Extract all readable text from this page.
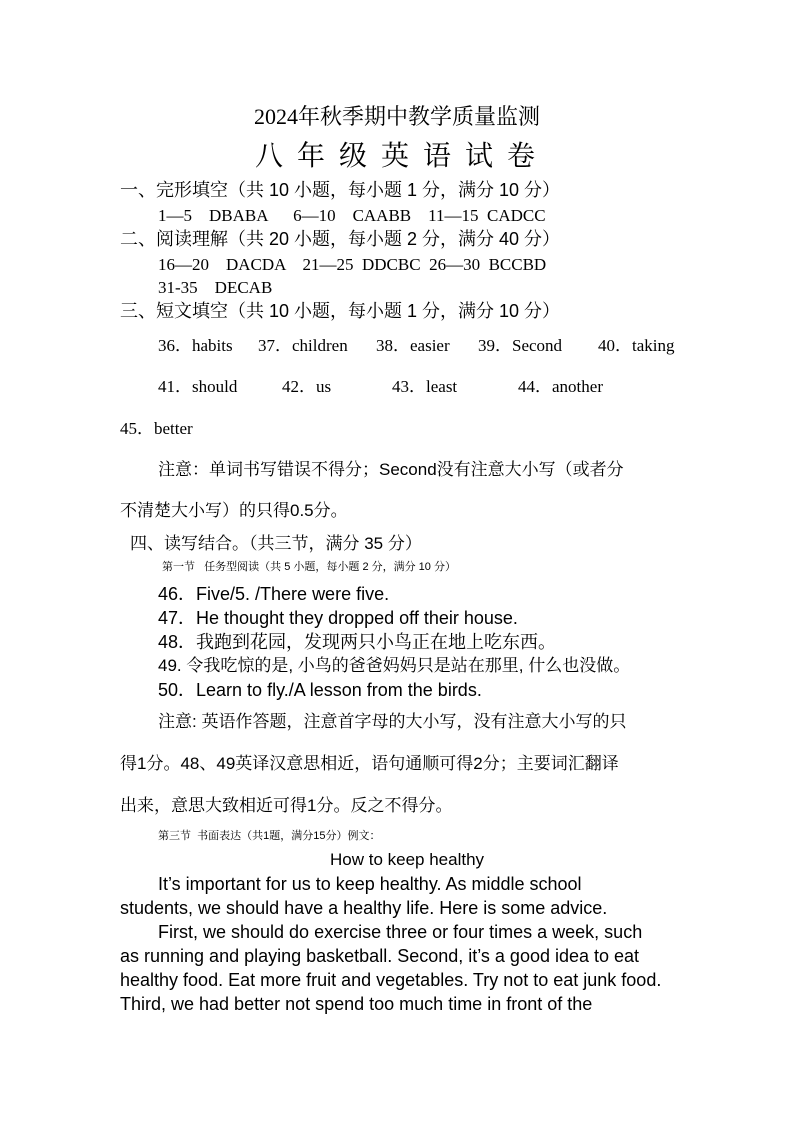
2024年秋季期中教学质量监测
八年级英语试卷
一、完形填空（共 10 小题，每小题 1 分，满分 10 分）
1—5    DBABA      6—10    CAABB    11—15  CADCC
二、阅读理解（共 20 小题，每小题 2 分，满分 40 分）
16—20    DACDA    21—25  DDCBC  26—30  BCCBD
31-35    DECAB
三、短文填空（共 10 小题，每小题 1 分，满分 10 分）
36．habits 37．children 38．easier 39．Second 40．taking
41．should	42．us	43．least	44．another
45．better
注意：单词书写错误不得分；Second没有注意大小写（或者分
不清楚大小写）的只得0.5分。
四、读写结合。（共三节，满分 35 分）
第一节   任务型阅读（共 5 小题，每小题 2 分，满分 10 分）
46．Five/5. /There were five.
47．He thought they dropped off their house.
48．我跑到花园，发现两只小鸟正在地上吃东西。
49. 令我吃惊的是, 小鸟的爸爸妈妈只是站在那里, 什么也没做。
50．Learn to fly./A lesson from the birds.
注意: 英语作答题，注意首字母的大小写，没有注意大小写的只
得1分。48、49英译汉意思相近，语句通顺可得2分；主要词汇翻译
出来，意思大致相近可得1分。反之不得分。
第三节  书面表达（共1题，满分15分）例文：
How to keep healthy
It’s important for us to keep healthy. As middle school
students, we should have a healthy life. Here is some advice.
First, we should do exercise three or four times a week, such
as running and playing basketball. Second, it’s a good idea to eat
healthy food. Eat more fruit and vegetables. Try not to eat junk food.
Third, we had better not spend too much time in front of the
